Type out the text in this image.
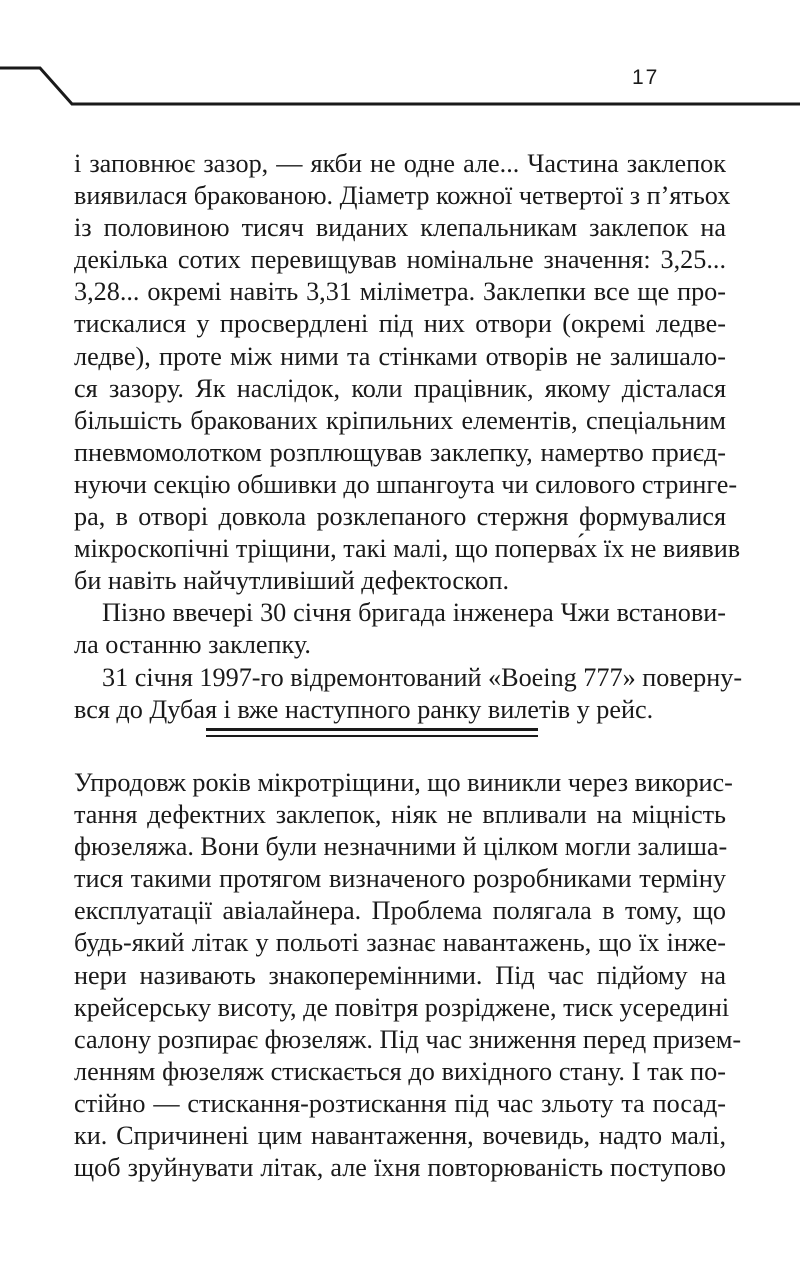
17
і заповнює зазор, — якби не одне але... Частина заклепок
виявилася бракованою. Діаметр кожної четвертої з п’ятьох
із половиною тисяч виданих клепальникам заклепок на
декілька сотих перевищував номінальне значення: 3,25...
3,28... окремі навіть 3,31 міліметра. Заклепки все ще про-
тискалися у просвердлені під них отвори (окремі ледве-
ледве), проте між ними та стінками отворів не залишало-
ся зазору. Як наслідок, коли працівник, якому дісталася
більшість бракованих кріпильних елементів, спеціальним
пневмомолотком розплющував заклепку, намертво приєд-
нуючи секцію обшивки до шпангоута чи силового стринге-
ра, в отворі довкола розклепаного стержня формувалися
мікроскопічні тріщини, такі малі, що поперва́х їх не виявив
би навіть найчутливіший дефектоскоп.
Пізно ввечері 30 січня бригада інженера Чжи встанови-
ла останню заклепку.
31 січня 1997-го відремонтований «Boeing 777» поверну-
вся до Дубая і вже наступного ранку вилетів у рейс.
Упродовж років мікротріщини, що виникли через викорис-
тання дефектних заклепок, ніяк не впливали на міцність
фюзеляжа. Вони були незначними й цілком могли залиша-
тися такими протягом визначеного розробниками терміну
експлуатації авіалайнера. Проблема полягала в тому, що
будь-який літак у польоті зазнає навантажень, що їх інже-
нери називають знакоперемінними. Під час підйому на
крейсерську висоту, де повітря розріджене, тиск усередині
салону розпирає фюзеляж. Під час зниження перед призем-
ленням фюзеляж стискається до вихідного стану. І так по-
стійно — стискання-розтискання під час зльоту та посад-
ки. Спричинені цим навантаження, вочевидь, надто малі,
щоб зруйнувати літак, але їхня повторюваність поступово
